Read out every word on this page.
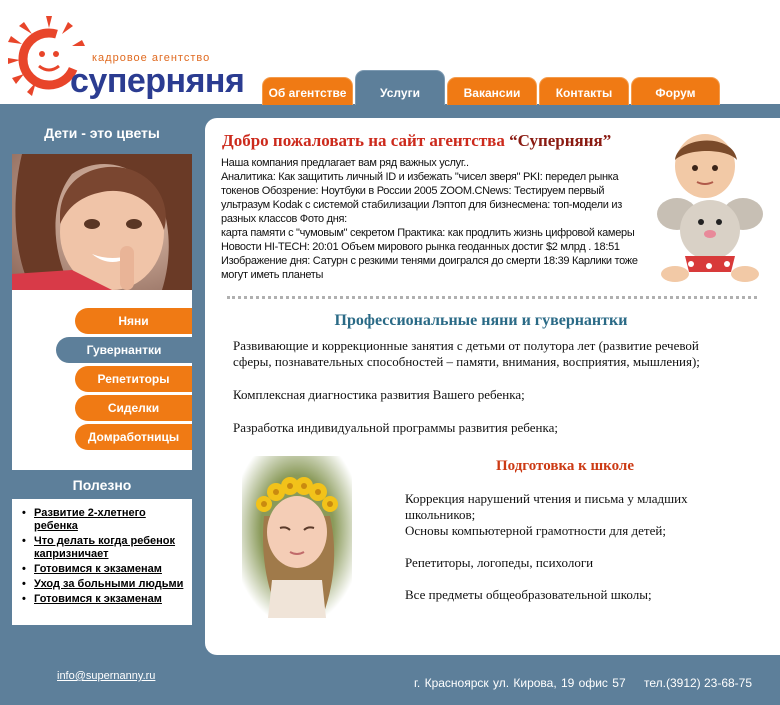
кадровое агентство
суперняня	Об агентстве	Услуги	Вакансии	Контакты	Форум
Дети - это цветы
Няни
Гувернантки
Репетиторы
Сиделки
Домработницы
Полезно
• Развитие 2-хлетнего ребенка
• Что делать когда ребенок капризничает
• Готовимся к экзаменам
• Уход за больными людьми
• Готовимся к экзаменам
Добро пожаловать на сайт агентства “Суперняня”

Наша компания предлагает вам ряд важных услуг..

Аналитика: Как защитить личный ID и избежать "чисел зверя" PKI: передел рынка токенов Обозрение: Ноутбуки в России 2005 ZOOM.CNews: Тестируем первый ультразум Kodak с системой стабилизации Лэптоп для бизнесмена: топ-модели из разных классов Фото дня:

карта памяти с "чумовым" секретом Практика: как продлить жизнь цифровой камеры Новости HI-TECH: 20:01 Объем мирового рынка геоданных достиг $2 млрд . 18:51 Изображение дня: Сатурн с резкими тенями доигрался до смерти 18:39 Карлики тоже могут иметь планеты

Профессиональные няни и гувернантки

Развивающие и коррекционные занятия с детьми от полутора лет (развитие речевой сферы, познавательных способностей – памяти, внимания, восприятия, мышления);

Комплексная диагностика развития Вашего ребенка;

Разработка индивидуальной программы развития ребенка;

Подготовка к школе

Коррекция нарушений чтения и письма у младших школьников;

Основы компьютерной грамотности для детей;

Репетиторы, логопеды, психологи

Все предметы общеобразовательной школы;

info@supernanny.ru	г. Красноярск ул. Кирова, 19 офис 57 тел.(3912) 23-68-75
